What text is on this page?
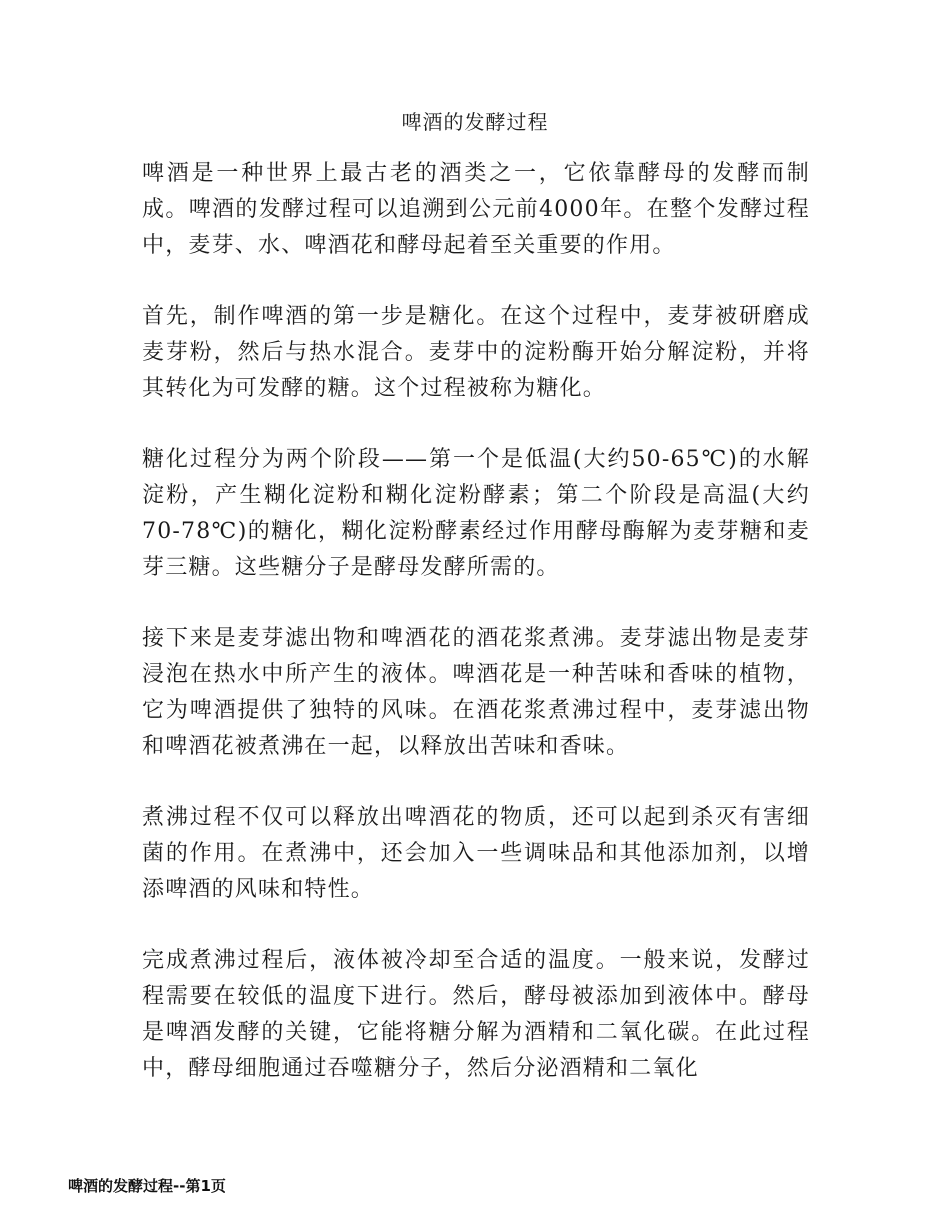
啤酒的发酵过程

啤酒是一种世界上最古老的酒类之一，它依靠酵母的发酵而制成。啤酒的发酵过程可以追溯到公元前4000年。在整个发酵过程中，麦芽、水、啤酒花和酵母起着至关重要的作用。

首先，制作啤酒的第一步是糖化。在这个过程中，麦芽被研磨成麦芽粉，然后与热水混合。麦芽中的淀粉酶开始分解淀粉，并将其转化为可发酵的糖。这个过程被称为糖化。

糖化过程分为两个阶段——第一个是低温(大约50-65℃)的水解淀粉，产生糊化淀粉和糊化淀粉酵素；第二个阶段是高温(大约70-78℃)的糖化，糊化淀粉酵素经过作用酵母酶解为麦芽糖和麦芽三糖。这些糖分子是酵母发酵所需的。

接下来是麦芽滤出物和啤酒花的酒花浆煮沸。麦芽滤出物是麦芽浸泡在热水中所产生的液体。啤酒花是一种苦味和香味的植物，它为啤酒提供了独特的风味。在酒花浆煮沸过程中，麦芽滤出物和啤酒花被煮沸在一起，以释放出苦味和香味。

煮沸过程不仅可以释放出啤酒花的物质，还可以起到杀灭有害细菌的作用。在煮沸中，还会加入一些调味品和其他添加剂，以增添啤酒的风味和特性。

完成煮沸过程后，液体被冷却至合适的温度。一般来说，发酵过程需要在较低的温度下进行。然后，酵母被添加到液体中。酵母是啤酒发酵的关键，它能将糖分解为酒精和二氧化碳。在此过程中，酵母细胞通过吞噬糖分子，然后分泌酒精和二氧化

啤酒的发酵过程--第1页
